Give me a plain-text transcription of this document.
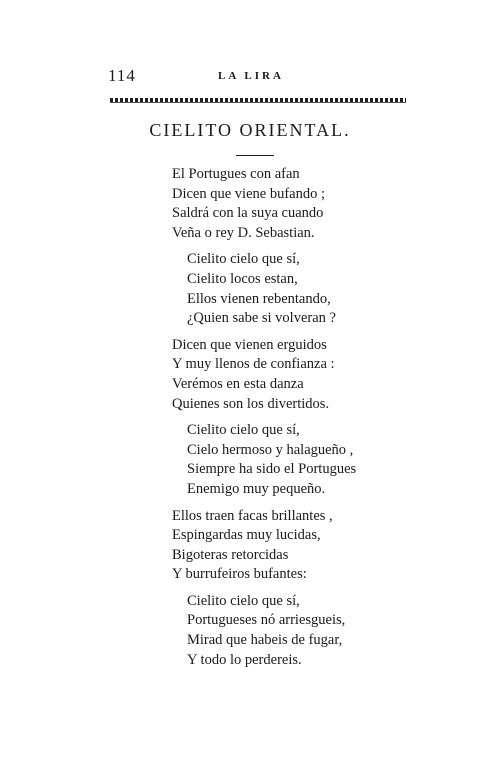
114	LA LIRA
CIELITO ORIENTAL.
El Portugues con afan
Dicen que viene bufando ;
Saldrá con la suya cuando
Veña o rey D. Sebastian.
Cielito cielo que sí,
Cielito locos estan,
Ellos vienen rebentando,
¿Quien sabe si volveran ?
Dicen que vienen erguidos
Y muy llenos de confianza :
Verémos en esta danza
Quienes son los divertidos.
Cielito cielo que sí,
Cielo hermoso y halagueño ,
Siempre ha sido el Portugues
Enemigo muy pequeño.
Ellos traen facas brillantes ,
Espingardas muy lucidas,
Bigoteras retorcidas
Y burrufeiros bufantes:
Cielito cielo que sí,
Portugueses nó arriesgueis,
Mirad que habeis de fugar,
Y todo lo perdereis.
